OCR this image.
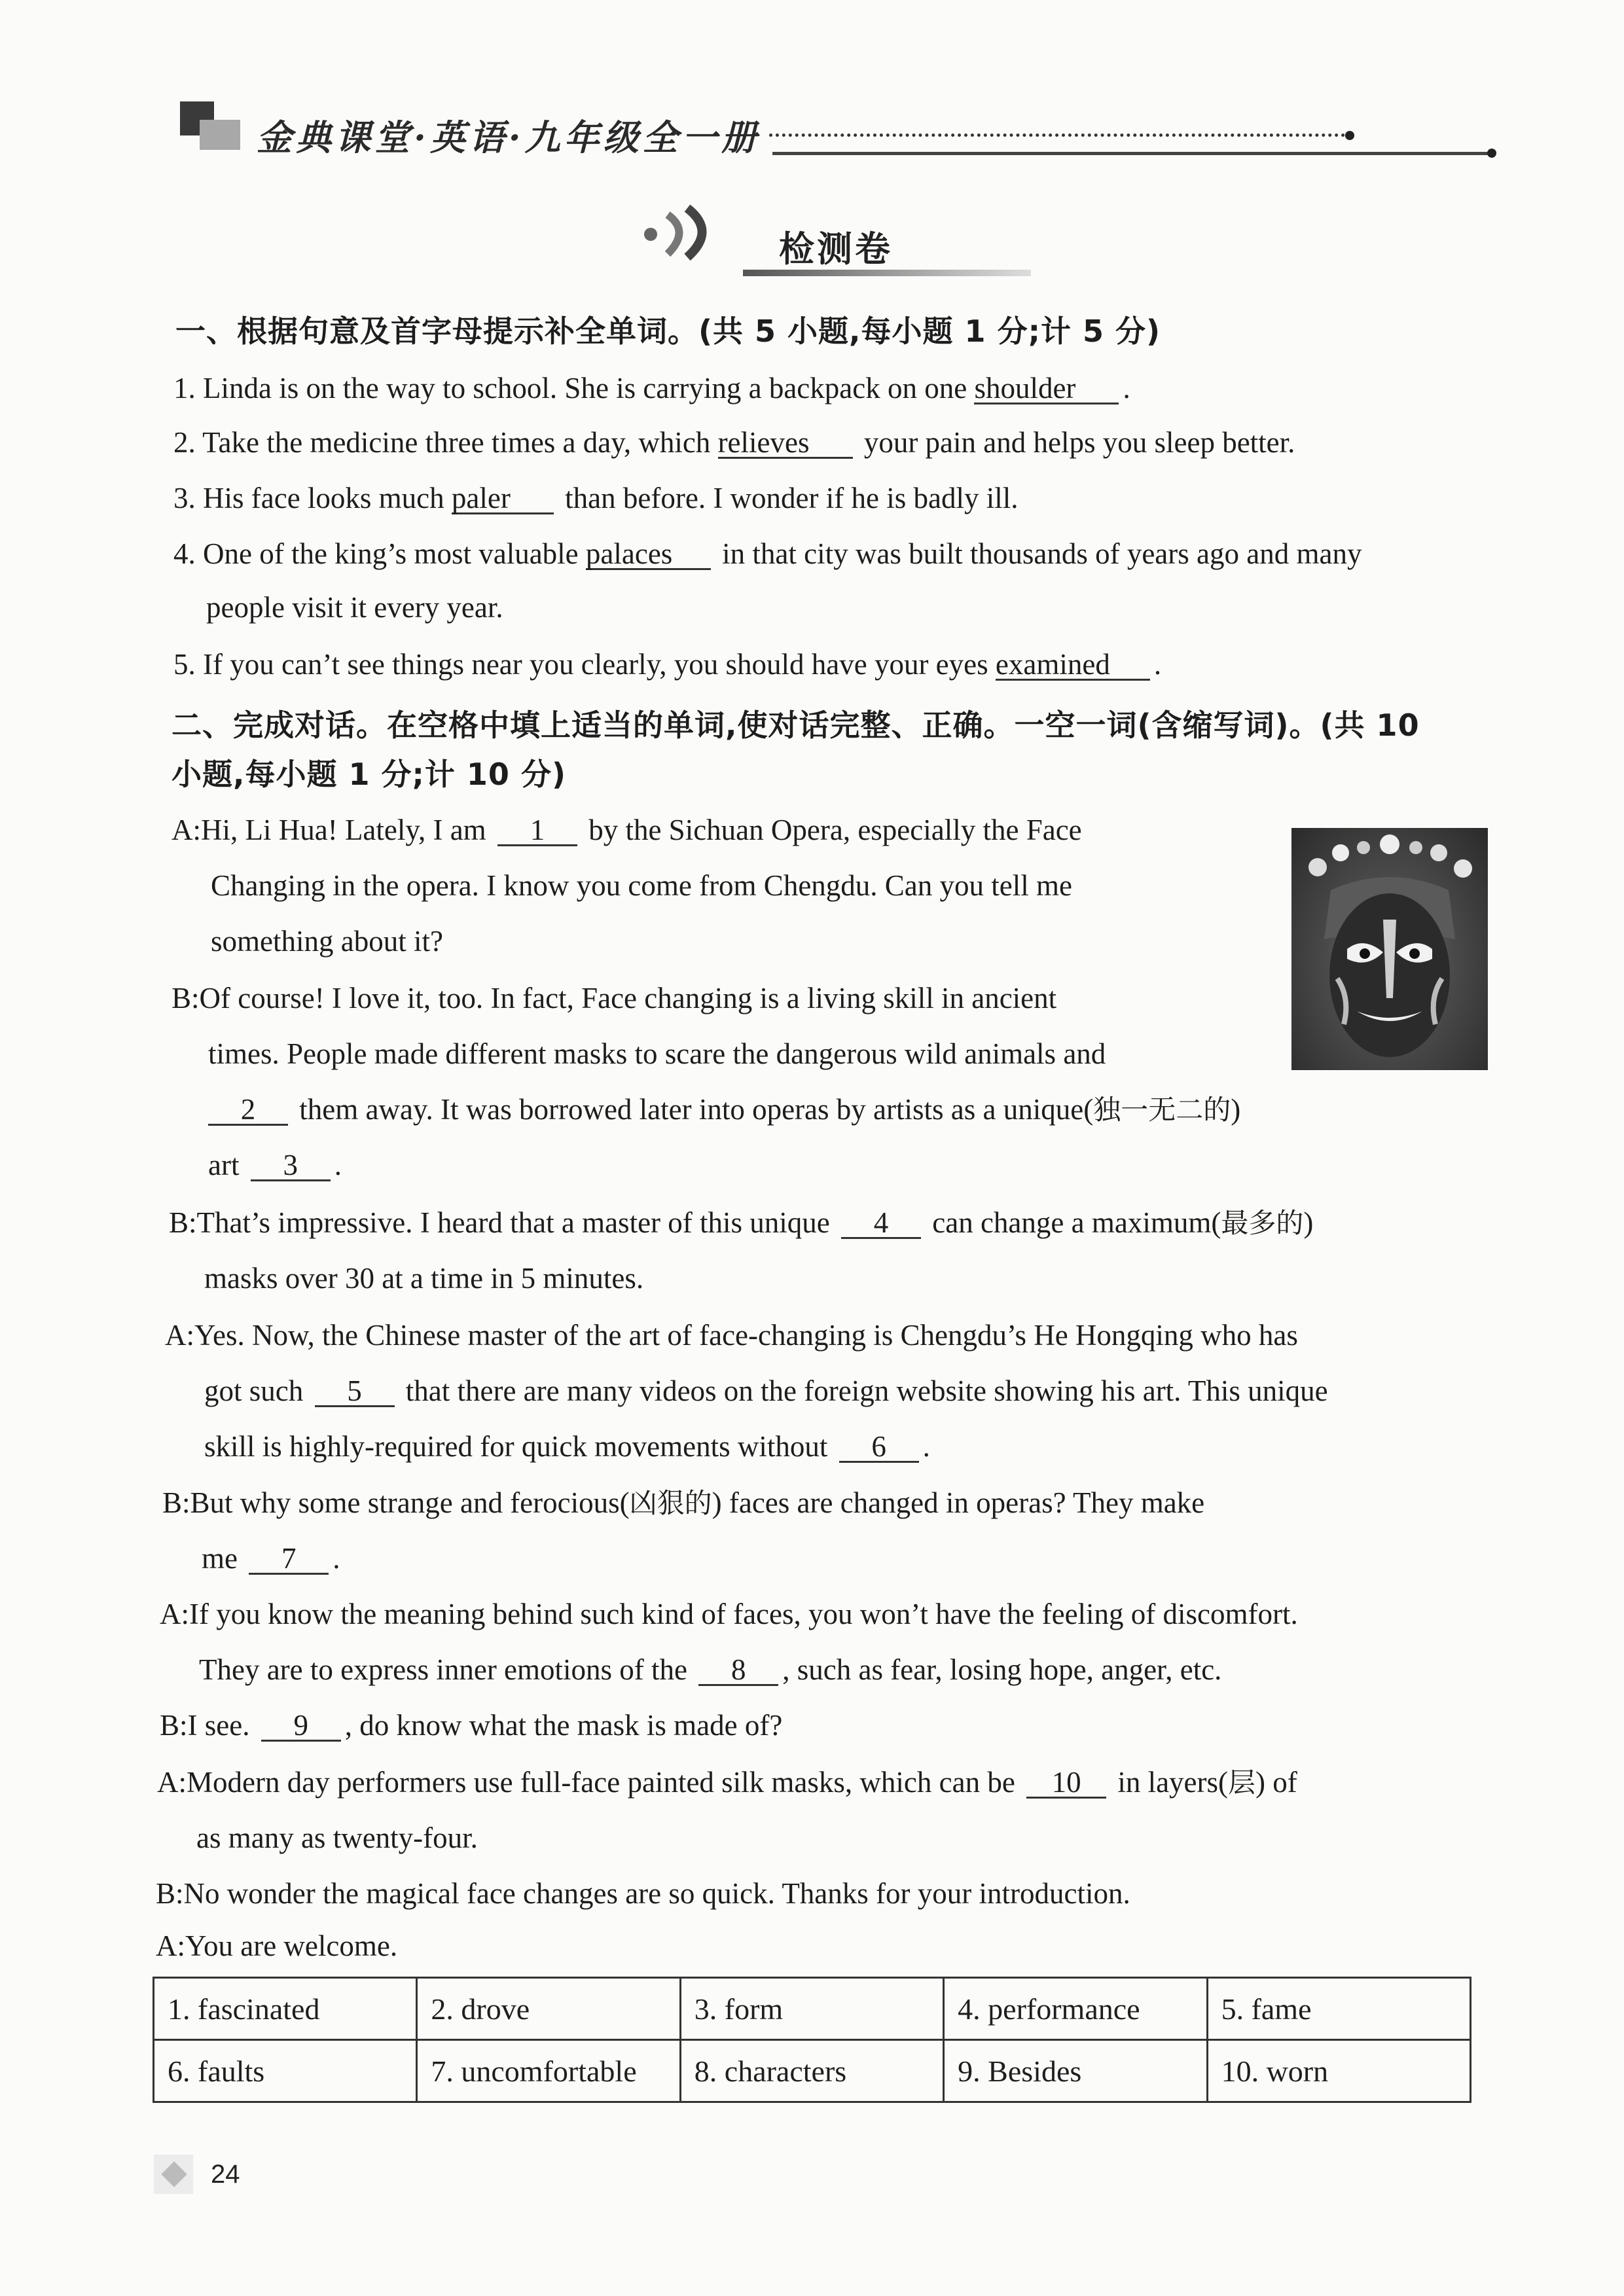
金典课堂·英语·九年级全一册
检测卷
一、根据句意及首字母提示补全单词。(共 5 小题,每小题 1 分;计 5 分)
1. Linda is on the way to school. She is carrying a backpack on one shoulder .
2. Take the medicine three times a day, which relieves your pain and helps you sleep better.
3. His face looks much paler than before. I wonder if he is badly ill.
4. One of the king’s most valuable palaces in that city was built thousands of years ago and many
people visit it every year.
5. If you can’t see things near you clearly, you should have your eyes examined .
二、完成对话。在空格中填上适当的单词,使对话完整、正确。一空一词(含缩写词)。(共 10
小题,每小题 1 分;计 10 分)
A:Hi, Li Hua! Lately, I am 1 by the Sichuan Opera, especially the Face
Changing in the opera. I know you come from Chengdu. Can you tell me
something about it?
B:Of course! I love it, too. In fact, Face changing is a living skill in ancient
times. People made different masks to scare the dangerous wild animals and
2 them away. It was borrowed later into operas by artists as a unique(独一无二的)
art 3 .
B:That’s impressive. I heard that a master of this unique 4 can change a maximum(最多的)
masks over 30 at a time in 5 minutes.
A:Yes. Now, the Chinese master of the art of face-changing is Chengdu’s He Hongqing who has
got such 5 that there are many videos on the foreign website showing his art. This unique
skill is highly-required for quick movements without 6 .
B:But why some strange and ferocious(凶狠的) faces are changed in operas? They make
me 7 .
A:If you know the meaning behind such kind of faces, you won’t have the feeling of discomfort.
They are to express inner emotions of the 8 , such as fear, losing hope, anger, etc.
B:I see. 9 , do know what the mask is made of?
A:Modern day performers use full-face painted silk masks, which can be 10 in layers(层) of
as many as twenty-four.
B:No wonder the magical face changes are so quick. Thanks for your introduction.
A:You are welcome.
1. fascinated	2. drove	3. form	4. performance	5. fame
6. faults	7. uncomfortable	8. characters	9. Besides	10. worn
24
